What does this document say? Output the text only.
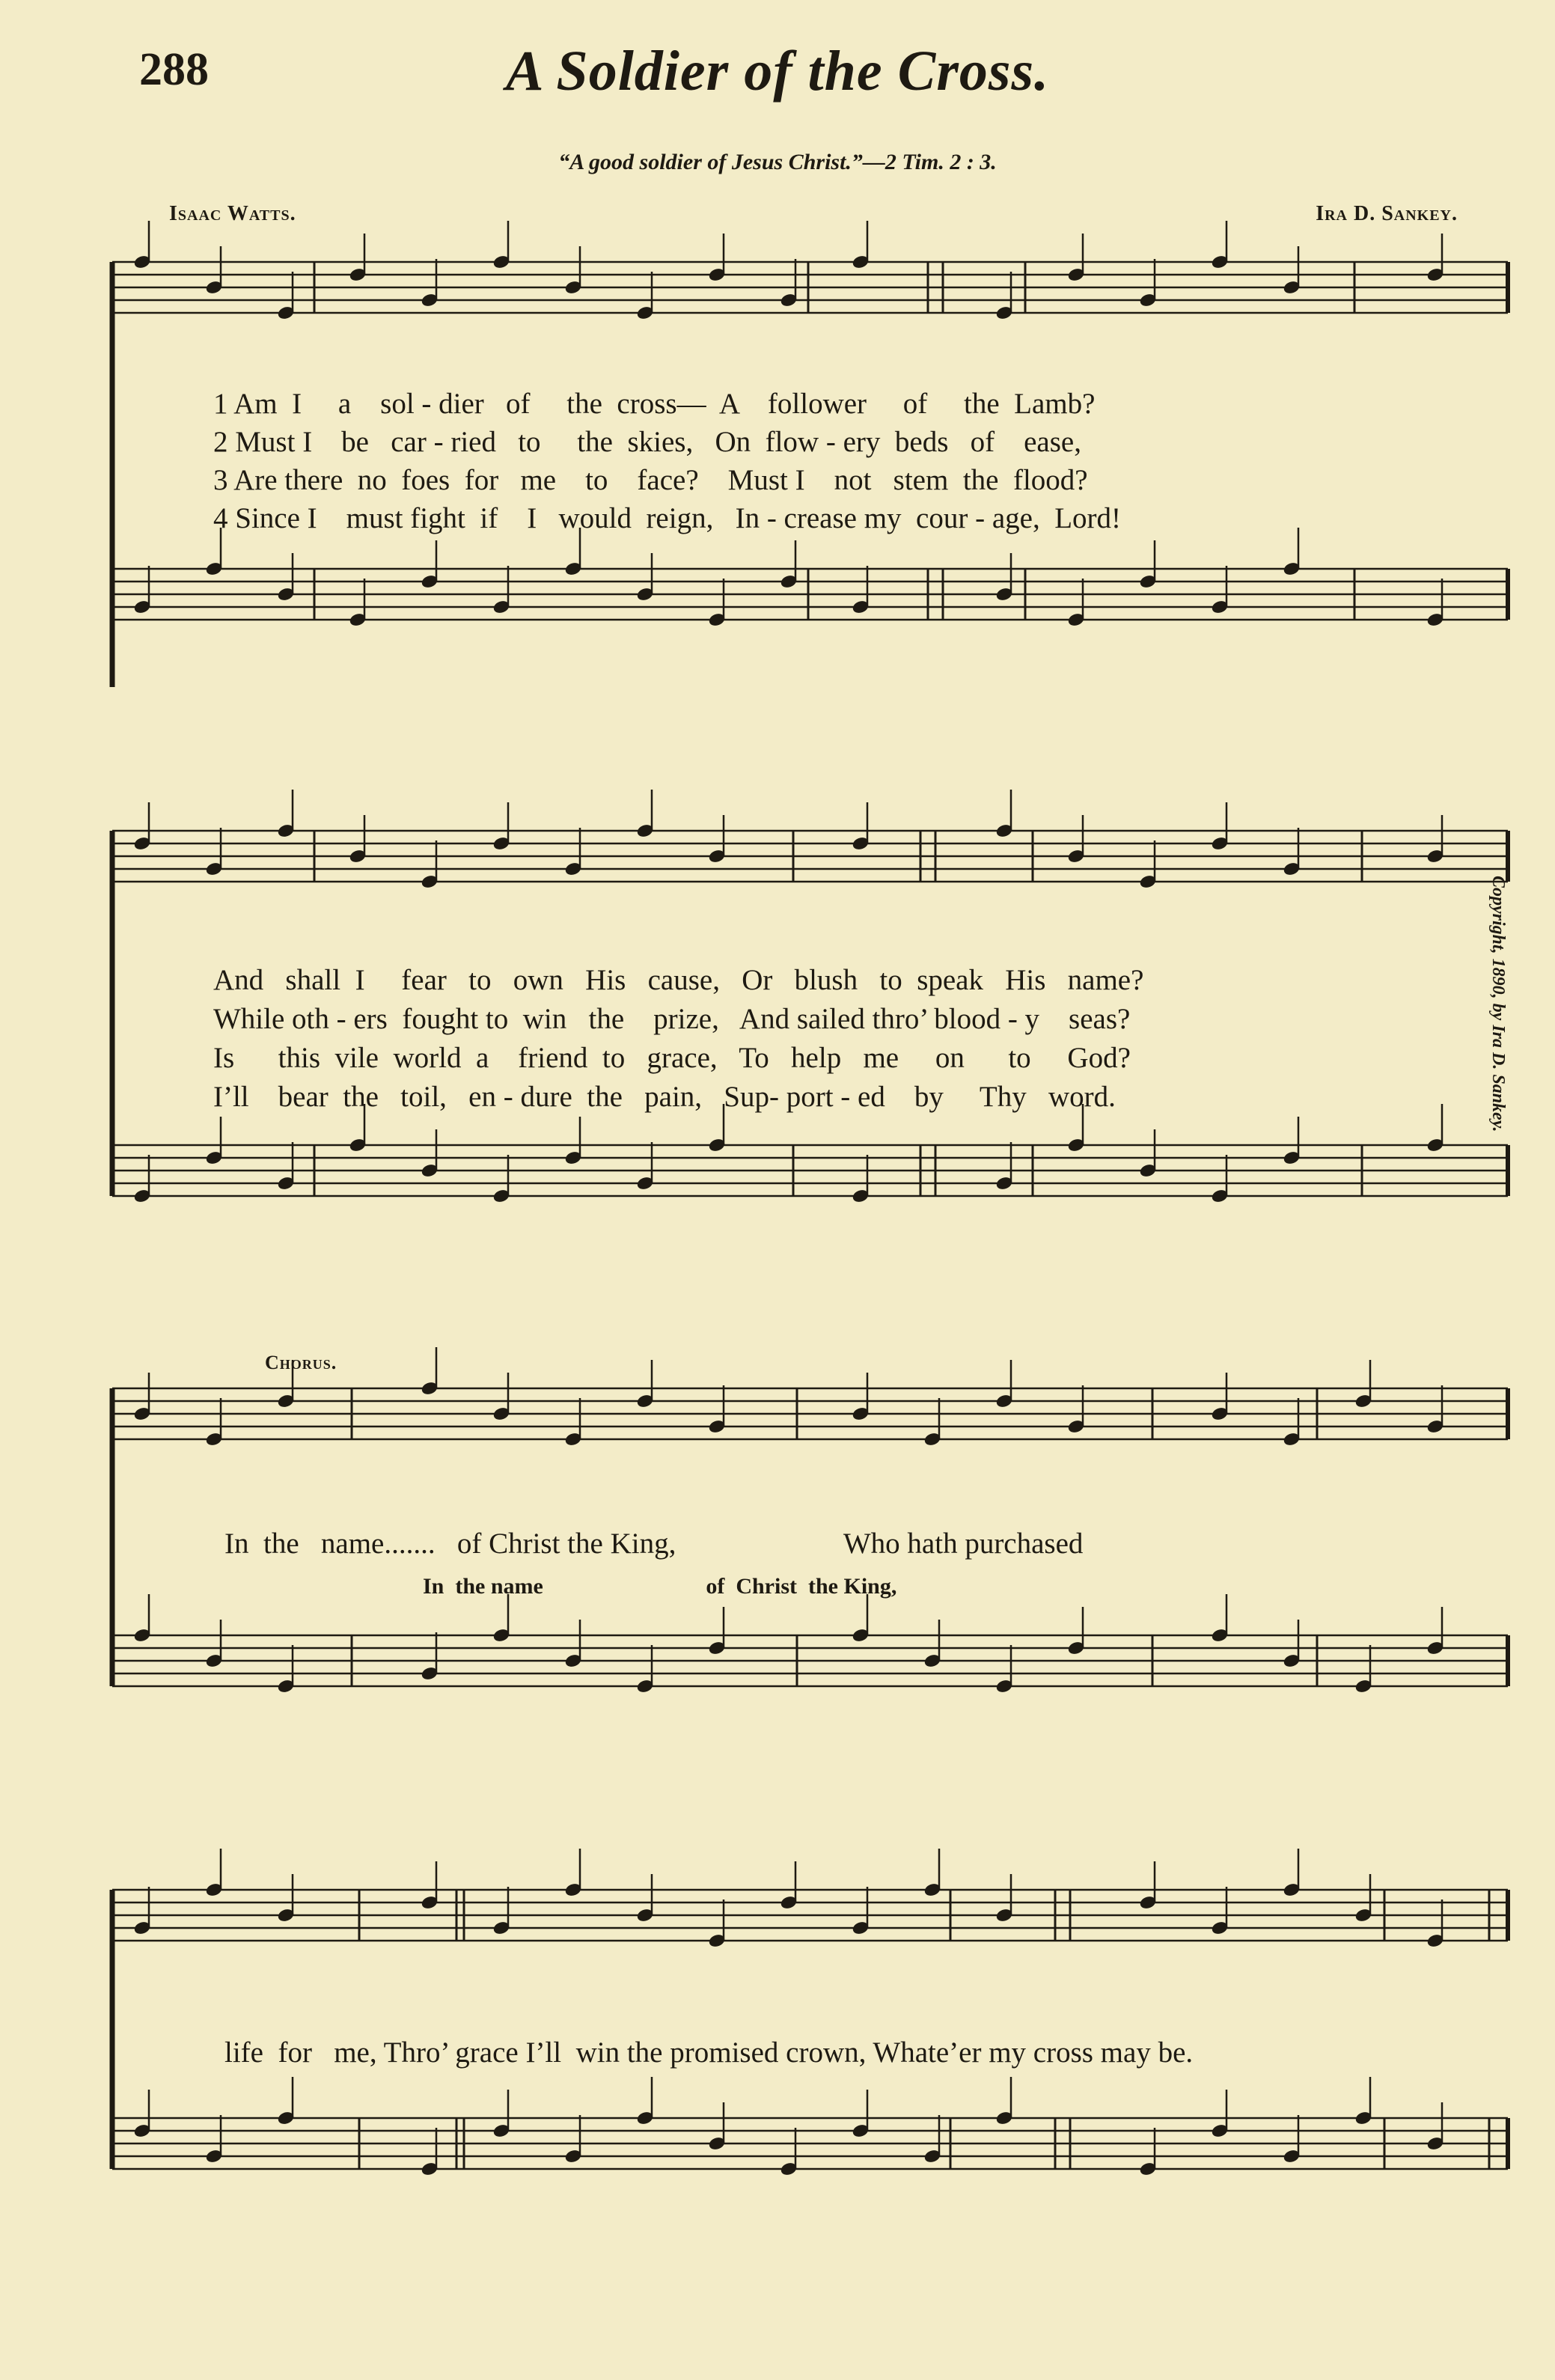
288	A Soldier of the Cross.
“A good soldier of Jesus Christ.”—2 Tim. 2 : 3.
Isaac Watts.	Ira D. Sankey.
Copyright, 1890, by Ira D. Sankey.
1 Am  I     a    sol - dier   of     the  cross—  A    follower     of     the  Lamb?
2 Must I    be   car - ried   to     the  skies,   On  flow - ery  beds   of    ease,
3 Are there  no  foes  for   me    to    face?    Must I    not   stem  the  flood?
4 Since I    must fight  if    I   would  reign,   In - crease my  cour - age,  Lord!
And   shall  I     fear   to   own   His   cause,   Or   blush   to  speak   His   name?
While oth - ers  fought to  win   the    prize,   And sailed thro’ blood - y    seas?
Is      this  vile  world  a    friend  to   grace,   To   help   me     on      to     God?
I’ll    bear  the   toil,   en - dure  the   pain,   Sup- port - ed    by     Thy   word.
Chorus.
In  the   name.......   of Christ the King,                       Who hath purchased
In  the name                             of  Christ  the King,
life  for   me, Thro’ grace I’ll  win the promised crown, Whate’er my cross may be.
